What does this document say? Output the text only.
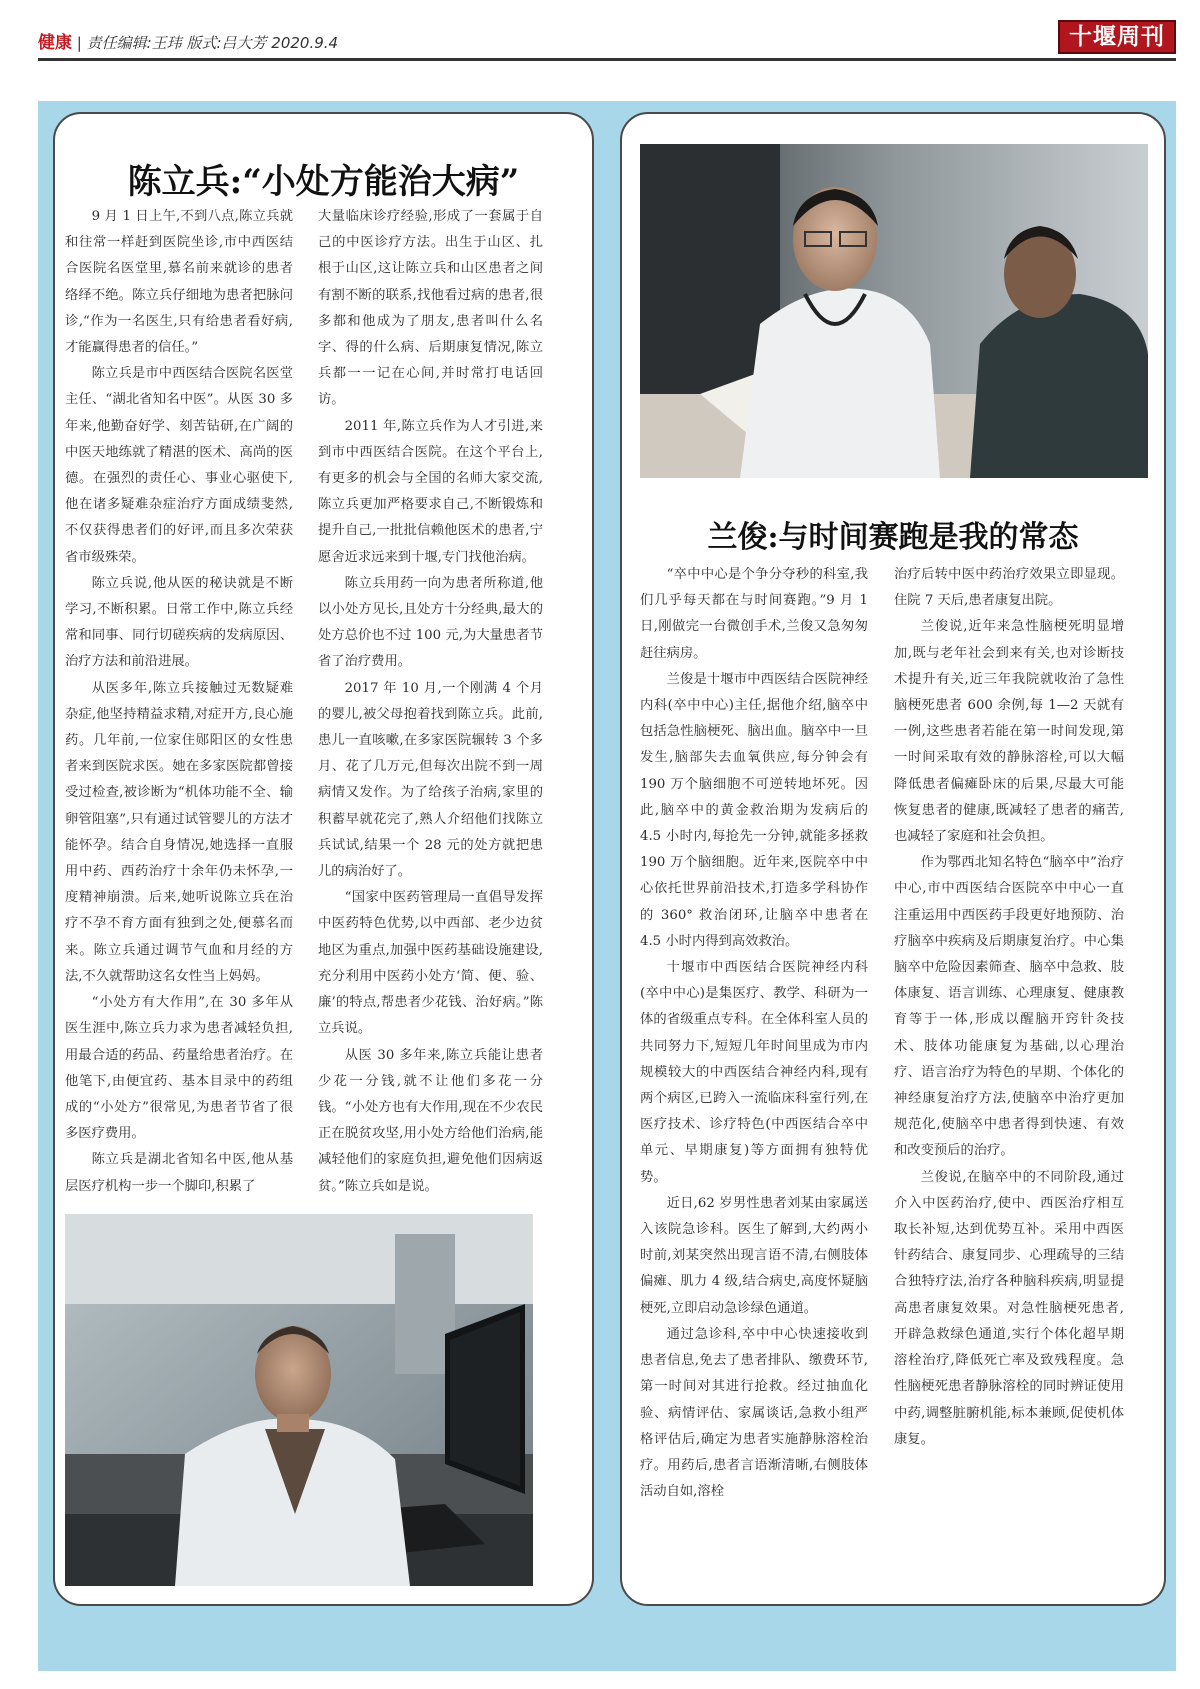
健康 | 责任编辑:王玮 版式:吕大芳 2020.9.4	十堰周刊
陈立兵:“小处方能治大病”

9 月 1 日上午,不到八点,陈立兵就和往常一样赶到医院坐诊,市中西医结合医院名医堂里,慕名前来就诊的患者络绎不绝。陈立兵仔细地为患者把脉问诊,“作为一名医生,只有给患者看好病,才能赢得患者的信任。”

陈立兵是市中西医结合医院名医堂主任、“湖北省知名中医”。从医 30 多年来,他勤奋好学、刻苦钻研,在广阔的中医天地练就了精湛的医术、高尚的医德。在强烈的责任心、事业心驱使下,他在诸多疑难杂症治疗方面成绩斐然,不仅获得患者们的好评,而且多次荣获省市级殊荣。

陈立兵说,他从医的秘诀就是不断学习,不断积累。日常工作中,陈立兵经常和同事、同行切磋疾病的发病原因、治疗方法和前沿进展。

从医多年,陈立兵接触过无数疑难杂症,他坚持精益求精,对症开方,良心施药。几年前,一位家住郧阳区的女性患者来到医院求医。她在多家医院都曾接受过检查,被诊断为“机体功能不全、输卵管阻塞”,只有通过试管婴儿的方法才能怀孕。结合自身情况,她选择一直服用中药、西药治疗十余年仍未怀孕,一度精神崩溃。后来,她听说陈立兵在治疗不孕不育方面有独到之处,便慕名而来。陈立兵通过调节气血和月经的方法,不久就帮助这名女性当上妈妈。

“小处方有大作用”,在 30 多年从医生涯中,陈立兵力求为患者减轻负担,用最合适的药品、药量给患者治疗。在他笔下,由便宜药、基本目录中的药组成的“小处方”很常见,为患者节省了很多医疗费用。

陈立兵是湖北省知名中医,他从基层医疗机构一步一个脚印,积累了

大量临床诊疗经验,形成了一套属于自己的中医诊疗方法。出生于山区、扎根于山区,这让陈立兵和山区患者之间有割不断的联系,找他看过病的患者,很多都和他成为了朋友,患者叫什么名字、得的什么病、后期康复情况,陈立兵都一一记在心间,并时常打电话回访。

2011 年,陈立兵作为人才引进,来到市中西医结合医院。在这个平台上,有更多的机会与全国的名师大家交流,陈立兵更加严格要求自己,不断锻炼和提升自己,一批批信赖他医术的患者,宁愿舍近求远来到十堰,专门找他治病。

陈立兵用药一向为患者所称道,他以小处方见长,且处方十分经典,最大的处方总价也不过 100 元,为大量患者节省了治疗费用。

2017 年 10 月,一个刚满 4 个月的婴儿,被父母抱着找到陈立兵。此前,患儿一直咳嗽,在多家医院辗转 3 个多月、花了几万元,但每次出院不到一周病情又发作。为了给孩子治病,家里的积蓄早就花完了,熟人介绍他们找陈立兵试试,结果一个 28 元的处方就把患儿的病治好了。

“国家中医药管理局一直倡导发挥中医药特色优势,以中西部、老少边贫地区为重点,加强中医药基础设施建设,充分利用中医药小处方‘简、便、验、廉’的特点,帮患者少花钱、治好病。”陈立兵说。

从医 30 多年来,陈立兵能让患者少花一分钱,就不让他们多花一分钱。“小处方也有大作用,现在不少农民正在脱贫攻坚,用小处方给他们治病,能减轻他们的家庭负担,避免他们因病返贫。”陈立兵如是说。

兰俊:与时间赛跑是我的常态

“卒中中心是个争分夺秒的科室,我们几乎每天都在与时间赛跑。”9 月 1 日,刚做完一台微创手术,兰俊又急匆匆赶往病房。

兰俊是十堰市中西医结合医院神经内科(卒中中心)主任,据他介绍,脑卒中包括急性脑梗死、脑出血。脑卒中一旦发生,脑部失去血氧供应,每分钟会有 190 万个脑细胞不可逆转地坏死。因此,脑卒中的黄金救治期为发病后的 4.5 小时内,每抢先一分钟,就能多拯救 190 万个脑细胞。近年来,医院卒中中心依托世界前沿技术,打造多学科协作的 360° 救治闭环,让脑卒中患者在 4.5 小时内得到高效救治。

十堰市中西医结合医院神经内科(卒中中心)是集医疗、教学、科研为一体的省级重点专科。在全体科室人员的共同努力下,短短几年时间里成为市内规模较大的中西医结合神经内科,现有两个病区,已跨入一流临床科室行列,在医疗技术、诊疗特色(中西医结合卒中单元、早期康复)等方面拥有独特优势。

近日,62 岁男性患者刘某由家属送入该院急诊科。医生了解到,大约两小时前,刘某突然出现言语不清,右侧肢体偏瘫、肌力 4 级,结合病史,高度怀疑脑梗死,立即启动急诊绿色通道。

通过急诊科,卒中中心快速接收到患者信息,免去了患者排队、缴费环节,第一时间对其进行抢救。经过抽血化验、病情评估、家属谈话,急救小组严格评估后,确定为患者实施静脉溶栓治疗。用药后,患者言语渐清晰,右侧肢体活动自如,溶栓

治疗后转中医中药治疗效果立即显现。住院 7 天后,患者康复出院。

兰俊说,近年来急性脑梗死明显增加,既与老年社会到来有关,也对诊断技术提升有关,近三年我院就收治了急性脑梗死患者 600 余例,每 1—2 天就有一例,这些患者若能在第一时间发现,第一时间采取有效的静脉溶栓,可以大幅降低患者偏瘫卧床的后果,尽最大可能恢复患者的健康,既减轻了患者的痛苦,也减轻了家庭和社会负担。

作为鄂西北知名特色“脑卒中”治疗中心,市中西医结合医院卒中中心一直注重运用中西医药手段更好地预防、治疗脑卒中疾病及后期康复治疗。中心集脑卒中危险因素筛查、脑卒中急救、肢体康复、语言训练、心理康复、健康教育等于一体,形成以醒脑开窍针灸技术、肢体功能康复为基础,以心理治疗、语言治疗为特色的早期、个体化的神经康复治疗方法,使脑卒中治疗更加规范化,使脑卒中患者得到快速、有效和改变预后的治疗。

兰俊说,在脑卒中的不同阶段,通过介入中医药治疗,使中、西医治疗相互取长补短,达到优势互补。采用中西医针药结合、康复同步、心理疏导的三结合独特疗法,治疗各种脑科疾病,明显提高患者康复效果。对急性脑梗死患者,开辟急救绿色通道,实行个体化超早期溶栓治疗,降低死亡率及致残程度。急性脑梗死患者静脉溶栓的同时辨证使用中药,调整脏腑机能,标本兼顾,促使机体康复。
